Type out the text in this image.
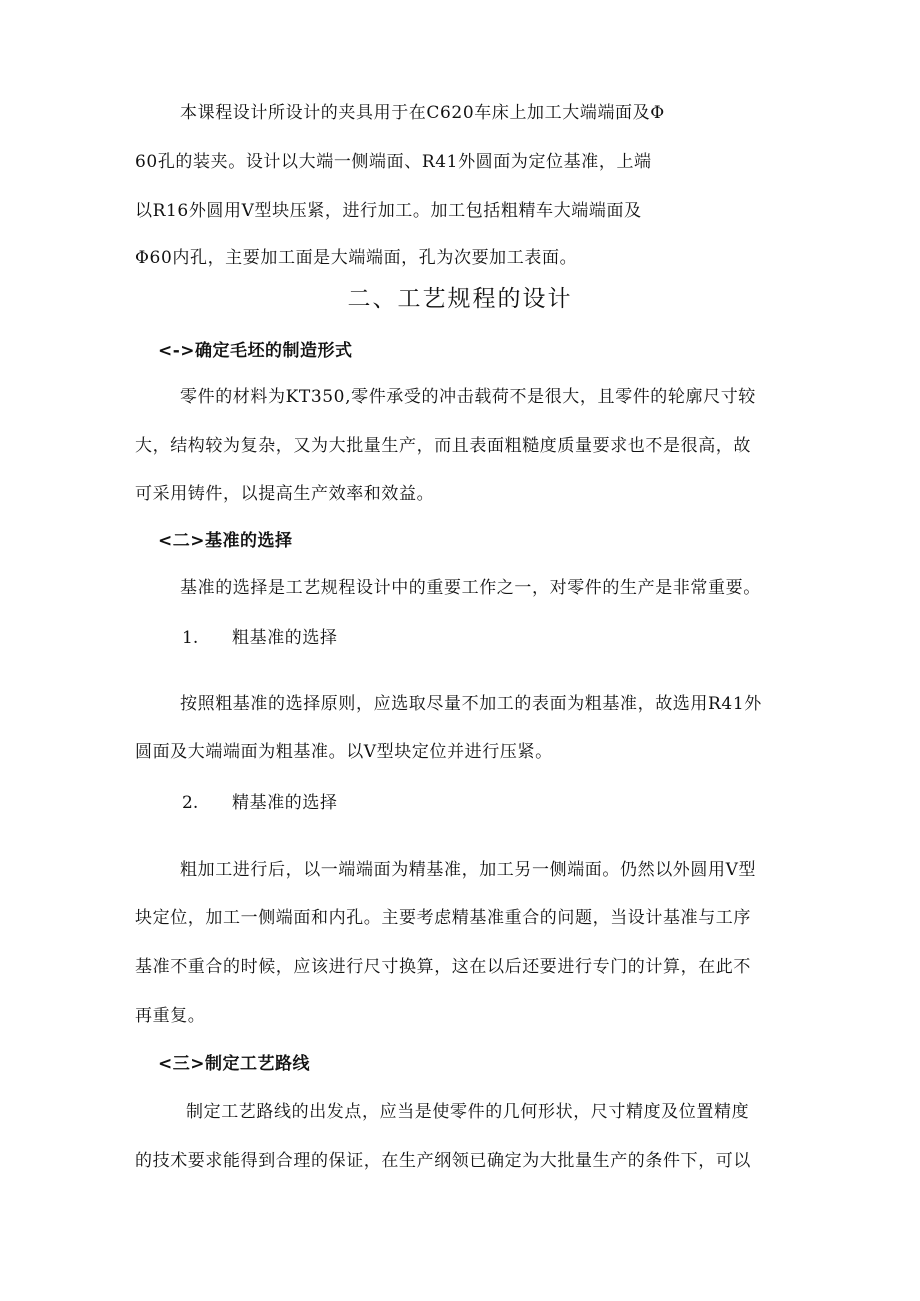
本课程设计所设计的夹具用于在C620车床上加工大端端面及Φ
60孔的装夹。设计以大端一侧端面、R41外圆面为定位基准，上端
以R16外圆用V型块压紧，进行加工。加工包括粗精车大端端面及
Φ60内孔，主要加工面是大端端面，孔为次要加工表面。
二、工艺规程的设计
<->确定毛坯的制造形式
零件的材料为KT350,零件承受的冲击载荷不是很大，且零件的轮廓尺寸较
大，结构较为复杂，又为大批量生产，而且表面粗糙度质量要求也不是很高，故
可采用铸件，以提高生产效率和效益。
<二>基准的选择
基准的选择是工艺规程设计中的重要工作之一，对零件的生产是非常重要。
1. 粗基准的选择
按照粗基准的选择原则，应选取尽量不加工的表面为粗基准，故选用R41外
圆面及大端端面为粗基准。以V型块定位并进行压紧。
2. 精基准的选择
粗加工进行后，以一端端面为精基准，加工另一侧端面。仍然以外圆用V型
块定位，加工一侧端面和内孔。主要考虑精基准重合的问题，当设计基准与工序
基准不重合的时候，应该进行尺寸换算，这在以后还要进行专门的计算，在此不
再重复。
<三>制定工艺路线
制定工艺路线的出发点，应当是使零件的几何形状，尺寸精度及位置精度
的技术要求能得到合理的保证，在生产纲领已确定为大批量生产的条件下，可以
